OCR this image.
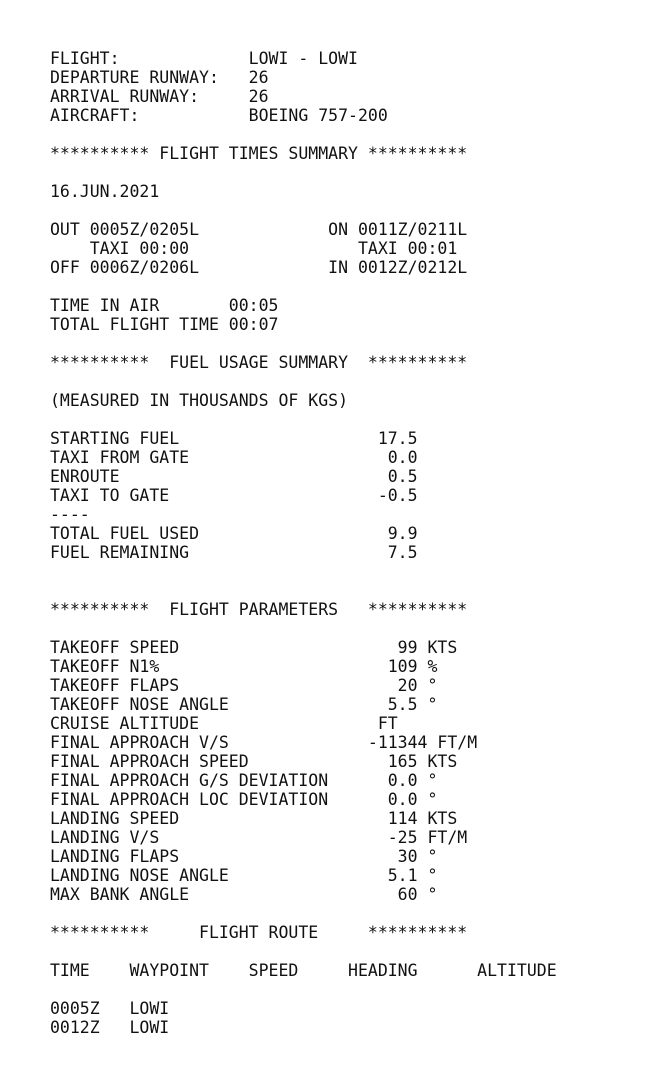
FLIGHT:             LOWI - LOWI
DEPARTURE RUNWAY:   26
ARRIVAL RUNWAY:     26
AIRCRAFT:           BOEING 757-200
********** FLIGHT TIMES SUMMARY **********
16.JUN.2021
OUT 0005Z/0205L             ON 0011Z/0211L
TAXI 00:00                 TAXI 00:01
OFF 0006Z/0206L             IN 0012Z/0212L
TIME IN AIR       00:05
TOTAL FLIGHT TIME 00:07
**********  FUEL USAGE SUMMARY  **********
(MEASURED IN THOUSANDS OF KGS)
STARTING FUEL                    17.5
TAXI FROM GATE                    0.0
ENROUTE                           0.5
TAXI TO GATE                     -0.5
----
TOTAL FUEL USED                   9.9
FUEL REMAINING                    7.5
**********  FLIGHT PARAMETERS   **********
TAKEOFF SPEED                      99 KTS
TAKEOFF N1%                       109 %
TAKEOFF FLAPS                      20 °
TAKEOFF NOSE ANGLE                5.5 °
CRUISE ALTITUDE                  FT
FINAL APPROACH V/S              -11344 FT/M
FINAL APPROACH SPEED              165 KTS
FINAL APPROACH G/S DEVIATION      0.0 °
FINAL APPROACH LOC DEVIATION      0.0 °
LANDING SPEED                     114 KTS
LANDING V/S                       -25 FT/M
LANDING FLAPS                      30 °
LANDING NOSE ANGLE                5.1 °
MAX BANK ANGLE                     60 °
**********     FLIGHT ROUTE     **********
TIME    WAYPOINT    SPEED     HEADING      ALTITUDE
0005Z   LOWI
0012Z   LOWI
